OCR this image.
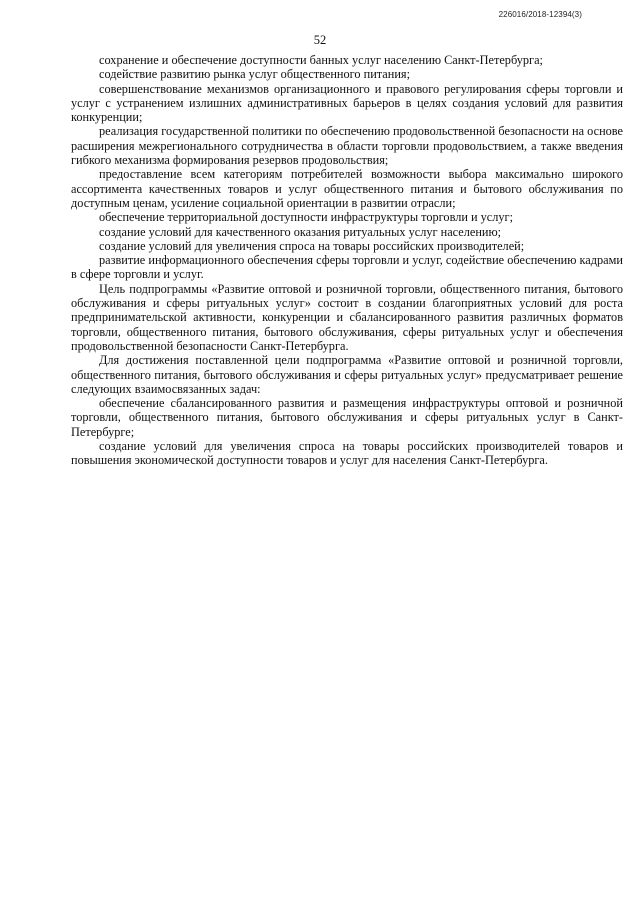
226016/2018-12394(3)
52

сохранение и обеспечение доступности банных услуг населению Санкт-Петербурга;

содействие развитию рынка услуг общественного питания;

совершенствование механизмов организационного и правового регулирования сферы торговли и услуг с устранением излишних административных барьеров в целях создания условий для развития конкуренции;

реализация государственной политики по обеспечению продовольственной безопасности на основе расширения межрегионального сотрудничества в области торговли продовольствием, а также введения гибкого механизма формирования резервов продовольствия;

предоставление всем категориям потребителей возможности выбора максимально широкого ассортимента качественных товаров и услуг общественного питания и бытового обслуживания по доступным ценам, усиление социальной ориентации в развитии отрасли;

обеспечение территориальной доступности инфраструктуры торговли и услуг;

создание условий для качественного оказания ритуальных услуг населению;

создание условий для увеличения спроса на товары российских производителей;

развитие информационного обеспечения сферы торговли и услуг, содействие обеспечению кадрами в сфере торговли и услуг.

Цель подпрограммы «Развитие оптовой и розничной торговли, общественного питания, бытового обслуживания и сферы ритуальных услуг» состоит в создании благоприятных условий для роста предпринимательской активности, конкуренции и сбалансированного развития различных форматов торговли, общественного питания, бытового обслуживания, сферы ритуальных услуг и обеспечения продовольственной безопасности Санкт-Петербурга.

Для достижения поставленной цели подпрограмма «Развитие оптовой и розничной торговли, общественного питания, бытового обслуживания и сферы ритуальных услуг» предусматривает решение следующих взаимосвязанных задач:

обеспечение сбалансированного развития и размещения инфраструктуры оптовой и розничной торговли, общественного питания, бытового обслуживания и сферы ритуальных услуг в Санкт-Петербурге;

создание условий для увеличения спроса на товары российских производителей товаров и повышения экономической доступности товаров и услуг для населения Санкт-Петербурга.
